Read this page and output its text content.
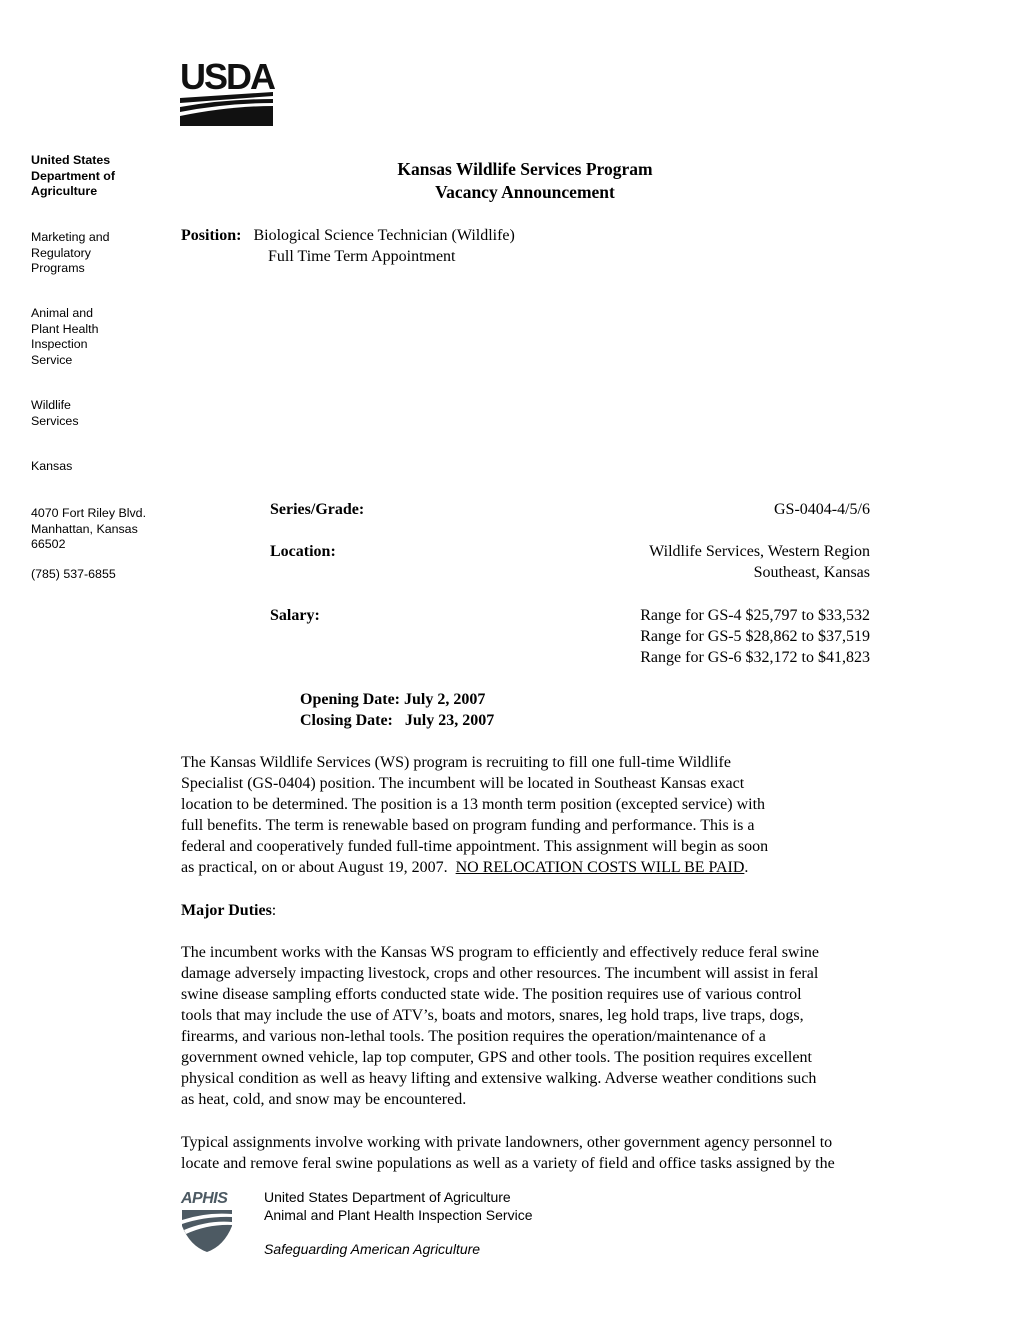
USDA
United States
Department of
Agriculture
Marketing and
Regulatory
Programs
Animal and
Plant Health
Inspection
Service
Wildlife
Services
Kansas
4070 Fort Riley Blvd.
Manhattan, Kansas
66502
(785) 537-6855
Kansas Wildlife Services Program
Vacancy Announcement
Position: Biological Science Technician (Wildlife)
Full Time Term Appointment
Series/Grade:	GS-0404-4/5/6
Location:	Wildlife Services, Western Region
Southeast, Kansas
Salary:	Range for GS-4 $25,797 to $33,532
Range for GS-5 $28,862 to $37,519
Range for GS-6 $32,172 to $41,823
Opening Date: July 2, 2007
Closing Date:   July 23, 2007
The Kansas Wildlife Services (WS) program is recruiting to fill one full-time Wildlife
Specialist (GS-0404) position. The incumbent will be located in Southeast Kansas exact
location to be determined. The position is a 13 month term position (excepted service) with
full benefits. The term is renewable based on program funding and performance. This is a
federal and cooperatively funded full-time appointment. This assignment will begin as soon
as practical, on or about August 19, 2007.  NO RELOCATION COSTS WILL BE PAID.
Major Duties:
The incumbent works with the Kansas WS program to efficiently and effectively reduce feral swine
damage adversely impacting livestock, crops and other resources. The incumbent will assist in feral
swine disease sampling efforts conducted state wide. The position requires use of various control
tools that may include the use of ATV’s, boats and motors, snares, leg hold traps, live traps, dogs,
firearms, and various non-lethal tools. The position requires the operation/maintenance of a
government owned vehicle, lap top computer, GPS and other tools. The position requires excellent
physical condition as well as heavy lifting and extensive walking. Adverse weather conditions such
as heat, cold, and snow may be encountered.
Typical assignments involve working with private landowners, other government agency personnel to
locate and remove feral swine populations as well as a variety of field and office tasks assigned by the
APHIS	United States Department of Agriculture
Animal and Plant Health Inspection Service
Safeguarding American Agriculture
